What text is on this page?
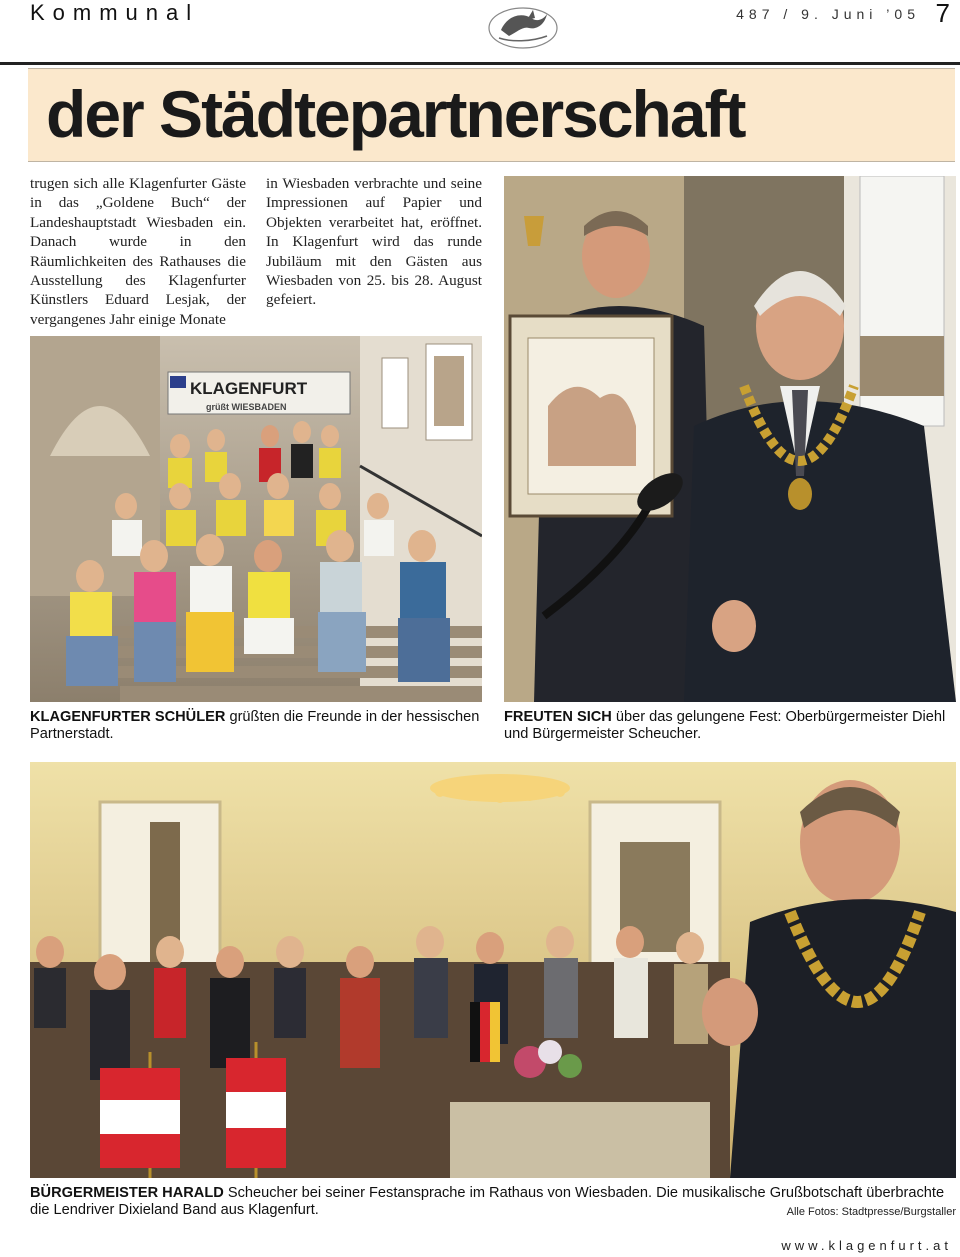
Kommunal	487 / 9. Juni ’05 7
der Städtepartnerschaft
trugen sich alle Klagenfurter Gäste in das „Goldene Buch“ der Landeshauptstadt Wiesbaden ein. Danach wurde in den Räumlichkeiten des Rathauses die Ausstellung des Klagenfurter Künstlers Eduard Lesjak, der vergangenes Jahr einige Monate
in Wiesbaden verbrachte und seine Impressionen auf Papier und Objekten verarbeitet hat, eröffnet. In Klagenfurt wird das runde Jubiläum mit den Gästen aus Wiesbaden von 25. bis 28. August gefeiert.
KLAGENFURT
grüßt WIESBADEN
KLAGENFURTER SCHÜLER grüßten die Freunde in der hessischen Partnerstadt.
FREUTEN SICH über das gelungene Fest: Oberbürgermeister Diehl und Bürgermeister Scheucher.
BÜRGERMEISTER HARALD Scheucher bei seiner Festansprache im Rathaus von Wiesbaden. Die musikalische Grußbotschaft überbrachte die Lendriver Dixieland Band aus Klagenfurt.	Alle Fotos: Stadtpresse/Burgstaller
www.klagenfurt.at
